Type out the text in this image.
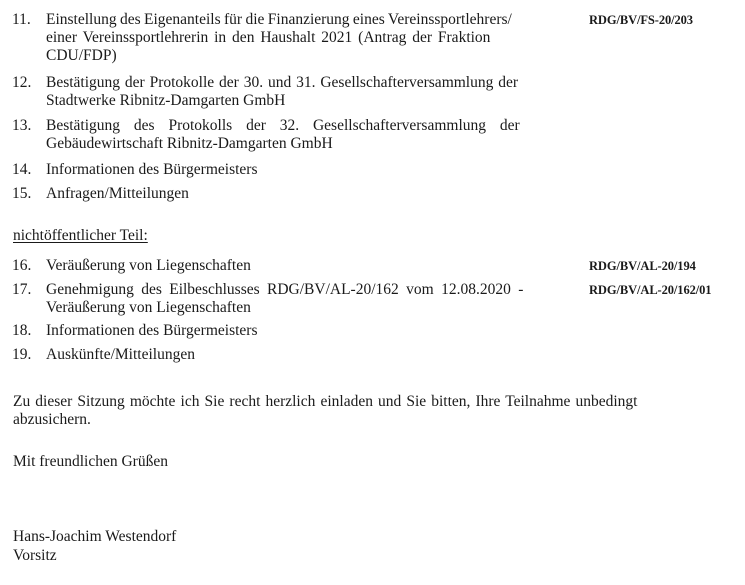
11. Einstellung des Eigenanteils für die Finanzierung eines Vereinssportlehrers/
einer Vereinssportlehrerin in den Haushalt 2021 (Antrag der Fraktion
CDU/FDP)
RDG/BV/FS-20/203
12. Bestätigung der Protokolle der 30. und 31. Gesellschafterversammlung der
Stadtwerke Ribnitz-Damgarten GmbH
13. Bestätigung des Protokolls der 32. Gesellschafterversammlung der
Gebäudewirtschaft Ribnitz-Damgarten GmbH
14. Informationen des Bürgermeisters
15. Anfragen/Mitteilungen
nichtöffentlicher Teil:
16. Veräußerung von Liegenschaften	RDG/BV/AL-20/194
17. Genehmigung des Eilbeschlusses RDG/BV/AL-20/162 vom 12.08.2020 -
Veräußerung von Liegenschaften
RDG/BV/AL-20/162/01
18. Informationen des Bürgermeisters
19. Auskünfte/Mitteilungen
Zu dieser Sitzung möchte ich Sie recht herzlich einladen und Sie bitten, Ihre Teilnahme unbedingt
abzusichern.
Mit freundlichen Grüßen
Hans-Joachim Westendorf
Vorsitz
